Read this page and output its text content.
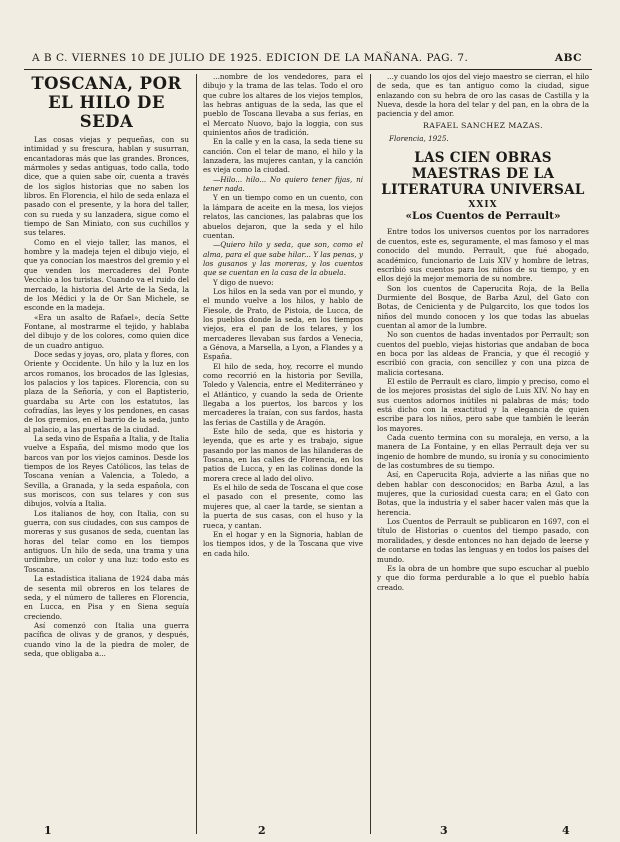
A B C. VIERNES 10 DE JULIO DE 1925. EDICION DE LA MAÑANA. PAG. 7.	ABC
TOSCANA, POR EL HILO DE SEDA

Las cosas viejas y pequeñas, con su intimidad y su frescura, hablan y susurran, encantadoras más que las grandes. Bronces, mármoles y sedas antiguas, todo calla, todo dice, que a quien sabe oír, cuenta a través de los siglos historias que no saben los libros. En Florencia, el hilo de seda enlaza el pasado con el presente, y la hora del taller, con su rueda y su lanzadera, sigue como el tiempo de San Miniato, con sus cuchillos y sus telares.

Como en el viejo taller, las manos, el hombre y la madeja tejen el dibujo viejo, el que ya conocían los maestros del gremio y el que venden los mercaderes del Ponte Vecchio a los turistas. Cuando va el ruido del mercado, la historia del Arte de la Seda, la de los Médici y la de Or San Michele, se esconde en la madeja.

«Era un asalto de Rafael», decía Sette Fontane, al mostrarme el tejido, y hablaba del dibujo y de los colores, como quien dice de un cuadro antiguo.

Doce sedas y joyas, oro, plata y flores, con Oriente y Occidente. Un hilo y la luz en los arcos romanos, los brocados de las Iglesias, los palacios y los tapices. Florencia, con su plaza de la Señoría, y con el Baptisterio, guardaba su Arte con los estatutos, las cofradías, las leyes y los pendones, en casas de los gremios, en el barrio de la seda, junto al palacio, a las puertas de la ciudad.

La seda vino de España a Italia, y de Italia vuelve a España, del mismo modo que los barcos van por los viejos caminos. Desde los tiempos de los Reyes Católicos, las telas de Toscana venían a Valencia, a Toledo, a Sevilla, a Granada, y la seda española, con sus moriscos, con sus telares y con sus dibujos, volvía a Italia.

Los italianos de hoy, con Italia, con su guerra, con sus ciudades, con sus campos de moreras y sus gusanos de seda, cuentan las horas del telar como en los tiempos antiguos. Un hilo de seda, una trama y una urdimbre, un color y una luz: todo esto es Toscana.

La estadística italiana de 1924 daba más de sesenta mil obreros en los telares de seda, y el número de talleres en Florencia, en Lucca, en Pisa y en Siena seguía creciendo.

Así comenzó con Italia una guerra pacífica de olivas y de granos, y después, cuando vino la de la piedra de moler, de seda, que obligaba a...

...nombre de los vendedores, para el dibujo y la trama de las telas. Todo el oro que cubre los altares de los viejos templos, las hebras antiguas de la seda, las que el pueblo de Toscana llevaba a sus ferias, en el Mercato Nuovo, bajo la loggia, con sus quinientos años de tradición.

En la calle y en la casa, la seda tiene su canción. Con el telar de mano, el hilo y la lanzadera, las mujeres cantan, y la canción es vieja como la ciudad.

—Hilo... hilo... No quiero tener fijas, ni tener nada.

Y en un tiempo como en un cuento, con la lámpara de aceite en la mesa, los viejos relatos, las canciones, las palabras que los abuelos dejaron, que la seda y el hilo cuentan.

—Quiero hilo y seda, que son, como el alma, para el que sabe hilar... Y las penas, y los gusanos y las moreras, y los cuentos que se cuentan en la casa de la abuela.

Y digo de nuevo:

Los hilos en la seda van por el mundo, y el mundo vuelve a los hilos, y hablo de Fiesole, de Prato, de Pistoia, de Lucca, de los pueblos donde la seda, en los tiempos viejos, era el pan de los telares, y los mercaderes llevaban sus fardos a Venecia, a Génova, a Marsella, a Lyon, a Flandes y a España.

El hilo de seda, hoy, recorre el mundo como recorrió en la historia por Sevilla, Toledo y Valencia, entre el Mediterráneo y el Atlántico, y cuando la seda de Oriente llegaba a los puertos, los barcos y los mercaderes la traían, con sus fardos, hasta las ferias de Castilla y de Aragón.

Este hilo de seda, que es historia y leyenda, que es arte y es trabajo, sigue pasando por las manos de las hilanderas de Toscana, en las calles de Florencia, en los patios de Lucca, y en las colinas donde la morera crece al lado del olivo.

Es el hilo de seda de Toscana el que cose el pasado con el presente, como las mujeres que, al caer la tarde, se sientan a la puerta de sus casas, con el huso y la rueca, y cantan.

En el hogar y en la Signoria, hablan de los tiempos idos, y de la Toscana que vive en cada hilo.

...y cuando los ojos del viejo maestro se cierran, el hilo de seda, que es tan antiguo como la ciudad, sigue enlazando con su hebra de oro las casas de Castilla y la Nueva, desde la hora del telar y del pan, en la obra de la paciencia y del amor.

RAFAEL SANCHEZ MAZAS.

Florencia, 1925.

LAS CIEN OBRAS MAESTRAS DE LA LITERATURA UNIVERSAL
XXIX
«Los Cuentos de Perrault»

Entre todos los universos cuentos por los narradores de cuentos, este es, seguramente, el mas famoso y el mas conocido del mundo. Perrault, que fué abogado, académico, funcionario de Luis XIV y hombre de letras, escribió sus cuentos para los niños de su tiempo, y en ellos dejó la mejor memoria de su nombre.

Son los cuentos de Caperucita Roja, de la Bella Durmiente del Bosque, de Barba Azul, del Gato con Botas, de Cenicienta y de Pulgarcito, los que todos los niños del mundo conocen y los que todas las abuelas cuentan al amor de la lumbre.

No son cuentos de hadas inventados por Perrault; son cuentos del pueblo, viejas historias que andaban de boca en boca por las aldeas de Francia, y que él recogió y escribió con gracia, con sencillez y con una pizca de malicia cortesana.

El estilo de Perrault es claro, limpio y preciso, como el de los mejores prosistas del siglo de Luis XIV. No hay en sus cuentos adornos inútiles ni palabras de más; todo está dicho con la exactitud y la elegancia de quien escribe para los niños, pero sabe que también le leerán los mayores.

Cada cuento termina con su moraleja, en verso, a la manera de La Fontaine, y en ellas Perrault deja ver su ingenio de hombre de mundo, su ironía y su conocimiento de las costumbres de su tiempo.

Así, en Caperucita Roja, advierte a las niñas que no deben hablar con desconocidos; en Barba Azul, a las mujeres, que la curiosidad cuesta cara; en el Gato con Botas, que la industria y el saber hacer valen más que la herencia.

Los Cuentos de Perrault se publicaron en 1697, con el título de Historias o cuentos del tiempo pasado, con moralidades, y desde entonces no han dejado de leerse y de contarse en todas las lenguas y en todos los países del mundo.

Es la obra de un hombre que supo escuchar al pueblo y que dio forma perdurable a lo que el pueblo había creado.

1	2	3	4
